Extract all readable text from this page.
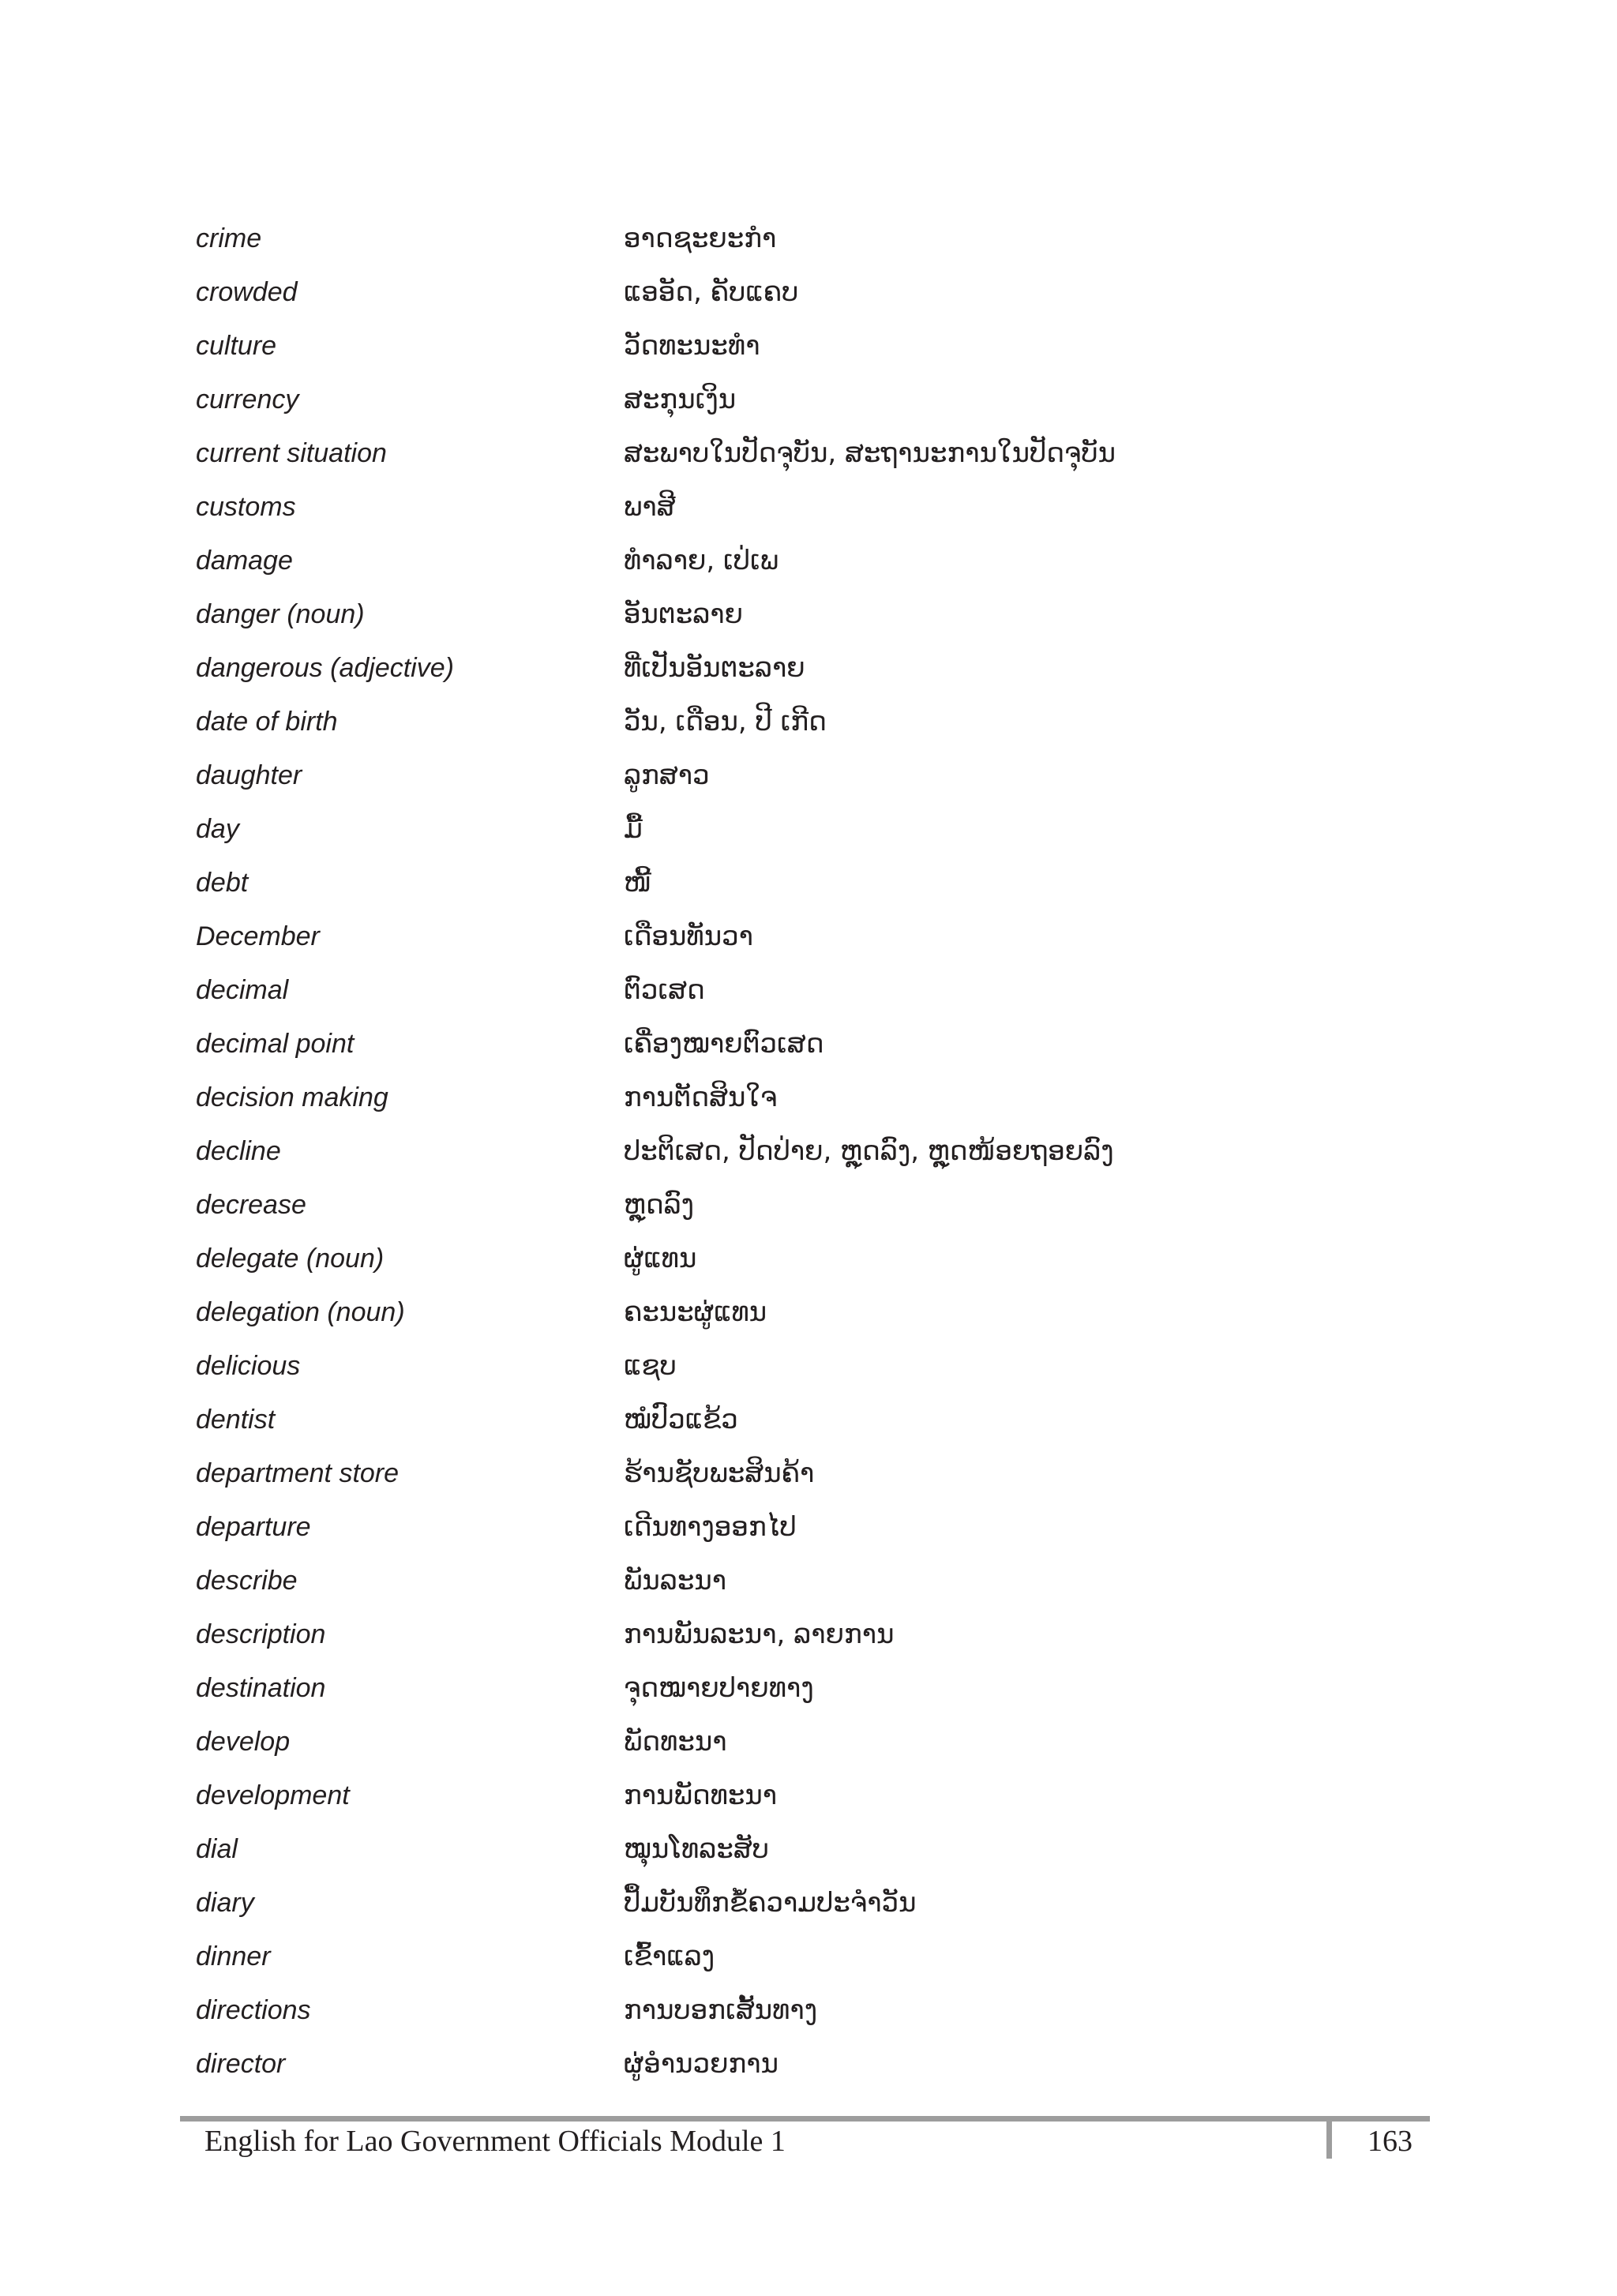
crime	ອາດຊະຍະກຳ
crowded	ແອອັດ, ຄັບແຄບ
culture	ວັດທະນະທຳ
currency	ສະກຸນເງິນ
current situation	ສະພາບໃນປັດຈຸບັນ, ສະຖານະການໃນປັດຈຸບັນ
customs	ພາສີ
damage	ທຳລາຍ, ເປ່ເພ
danger (noun)	ອັນຕະລາຍ
dangerous (adjective)	ທີ່ເປັນອັນຕະລາຍ
date of birth	ວັນ, ເດືອນ, ປີ ເກີດ
daughter	ລູກສາວ
day	ມື້
debt	ໜີ້
December	ເດືອນທັນວາ
decimal	ຕົວເສດ
decimal point	ເຄື່ອງໝາຍຕົວເສດ
decision making	ການຕັດສິນໃຈ
decline	ປະຕິເສດ, ປັດປ່າຍ, ຫຼຸດລົງ, ຫຼຸດໜ້ອຍຖອຍລົງ
decrease	ຫຼຸດລົງ
delegate (noun)	ຜູ່ແທນ
delegation (noun)	ຄະນະຜູ່ແທນ
delicious	ແຊບ
dentist	ໝໍປົວແຂ້ວ
department store	ຮ້ານຊັບພະສິນຄ້າ
departure	ເດີນທາງອອກໄປ
describe	ພັນລະນາ
description	ການພັນລະນາ, ລາຍການ
destination	ຈຸດໝາຍປາຍທາງ
develop	ພັດທະນາ
development	ການພັດທະນາ
dial	ໝຸນໂທລະສັບ
diary	ປຶ້ມບັນທຶກຂໍ້ຄວາມປະຈຳວັນ
dinner	ເຂົ້າແລງ
directions	ການບອກເສັ້ນທາງ
director	ຜູ່ອຳນວຍການ
English for Lao Government Officials Module 1	163
